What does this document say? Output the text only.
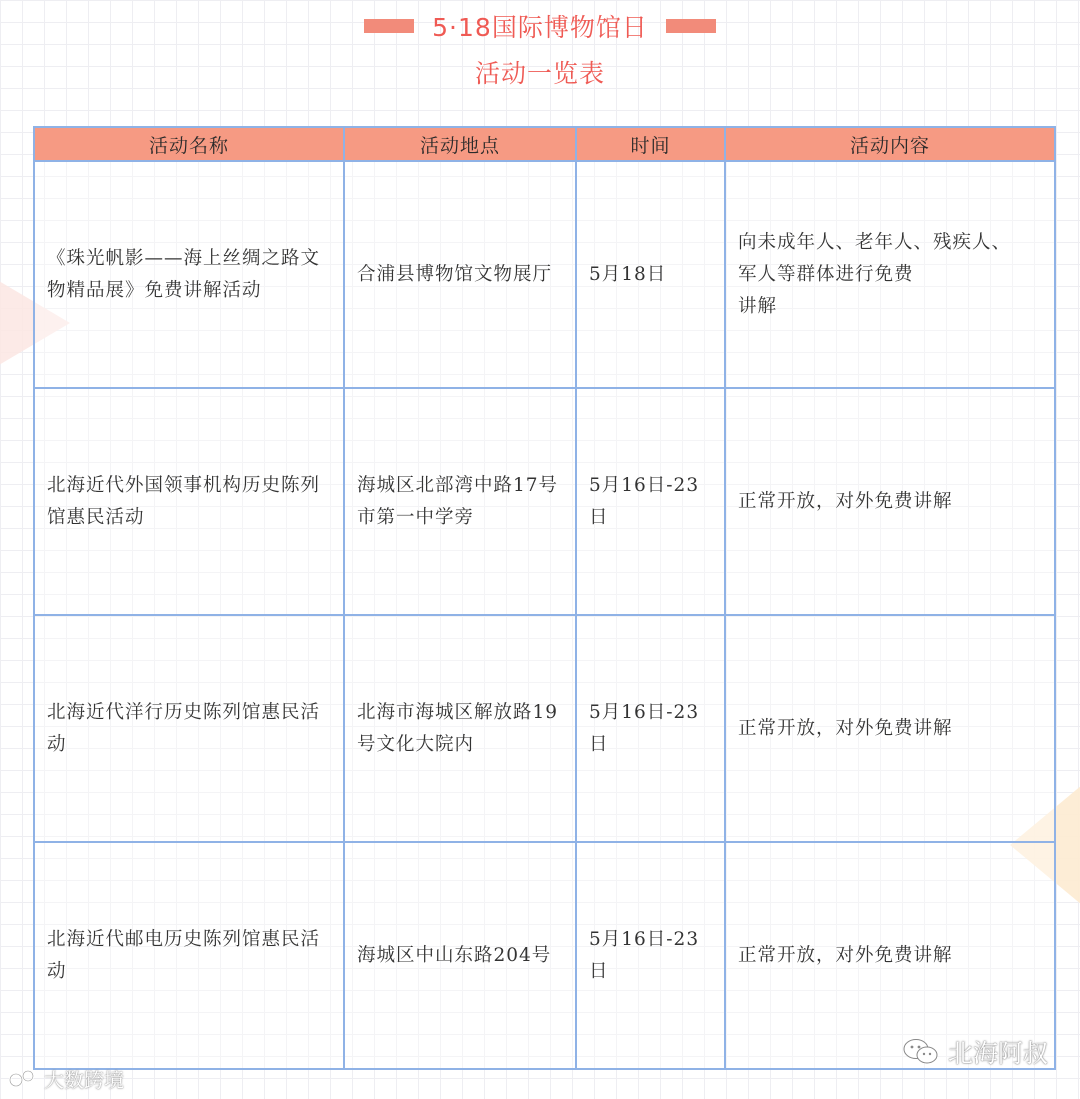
5·18国际博物馆日
活动一览表
活动名称	活动地点	时间	活动内容
《珠光帆影——海上丝绸之路文物精品展》免费讲解活动	合浦县博物馆文物展厅	5月18日	向未成年人、老年人、残疾人、
军人等群体进行免费
讲解
北海近代外国领事机构历史陈列馆惠民活动	海城区北部湾中路17号市第一中学旁	5月16日-23日	正常开放，对外免费讲解
北海近代洋行历史陈列馆惠民活动	北海市海城区解放路19号文化大院内	5月16日-23日	正常开放，对外免费讲解
北海近代邮电历史陈列馆惠民活动	海城区中山东路204号	5月16日-23日	正常开放，对外免费讲解
大数跨境
北海阿叔
